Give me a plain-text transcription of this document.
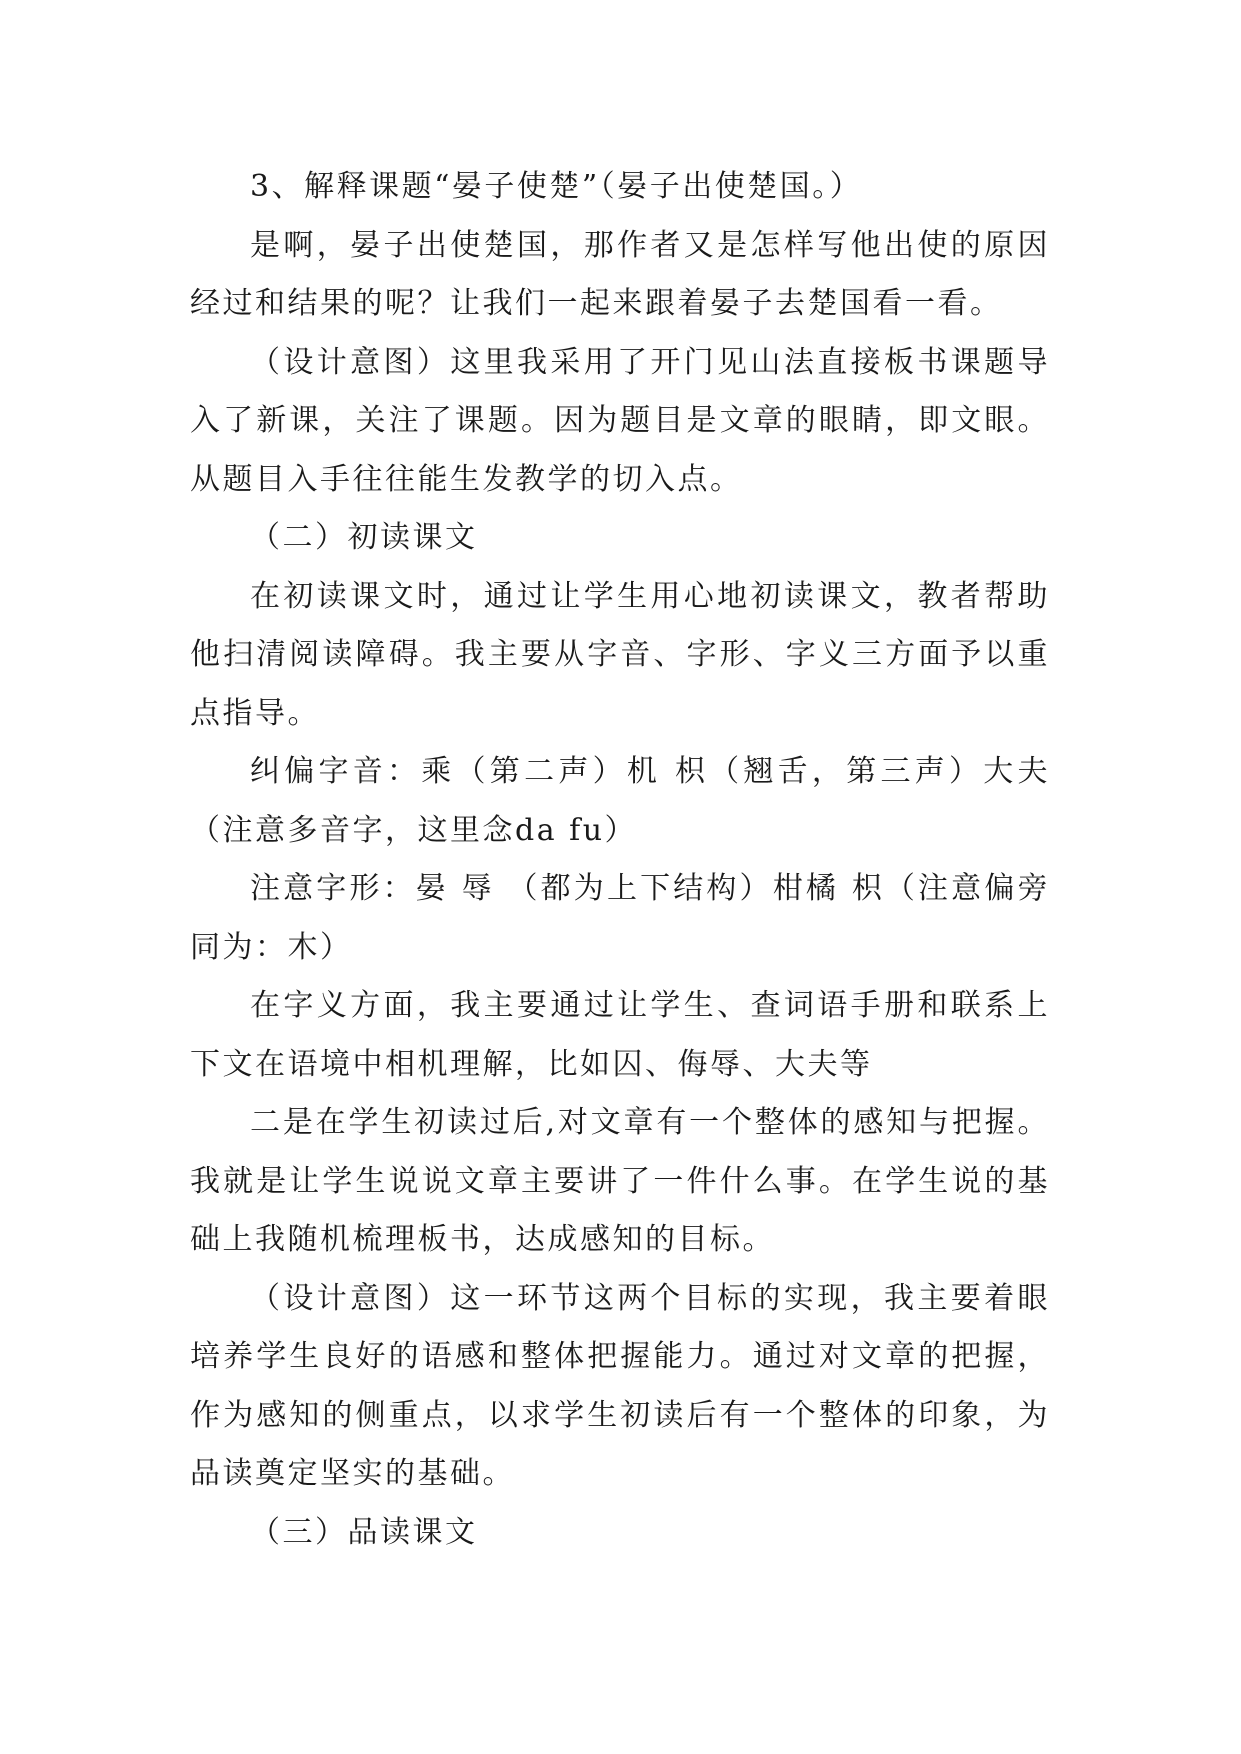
3、解释课题“晏子使楚”（晏子出使楚国。）

是啊，晏子出使楚国，那作者又是怎样写他出使的原因经过和结果的呢？让我们一起来跟着晏子去楚国看一看。

（设计意图）这里我采用了开门见山法直接板书课题导入了新课，关注了课题。因为题目是文章的眼睛，即文眼。从题目入手往往能生发教学的切入点。

（二）初读课文

在初读课文时，通过让学生用心地初读课文，教者帮助他扫清阅读障碍。我主要从字音、字形、字义三方面予以重点指导。

纠偏字音：乘（第二声）机 枳（翘舌，第三声）大夫（注意多音字，这里念da fu）

注意字形：晏 辱 （都为上下结构）柑橘 枳（注意偏旁同为：木）

在字义方面，我主要通过让学生、查词语手册和联系上下文在语境中相机理解，比如囚、侮辱、大夫等

二是在学生初读过后,对文章有一个整体的感知与把握。我就是让学生说说文章主要讲了一件什么事。在学生说的基础上我随机梳理板书，达成感知的目标。

（设计意图）这一环节这两个目标的实现，我主要着眼培养学生良好的语感和整体把握能力。通过对文章的把握，作为感知的侧重点，以求学生初读后有一个整体的印象，为品读奠定坚实的基础。

（三）品读课文
